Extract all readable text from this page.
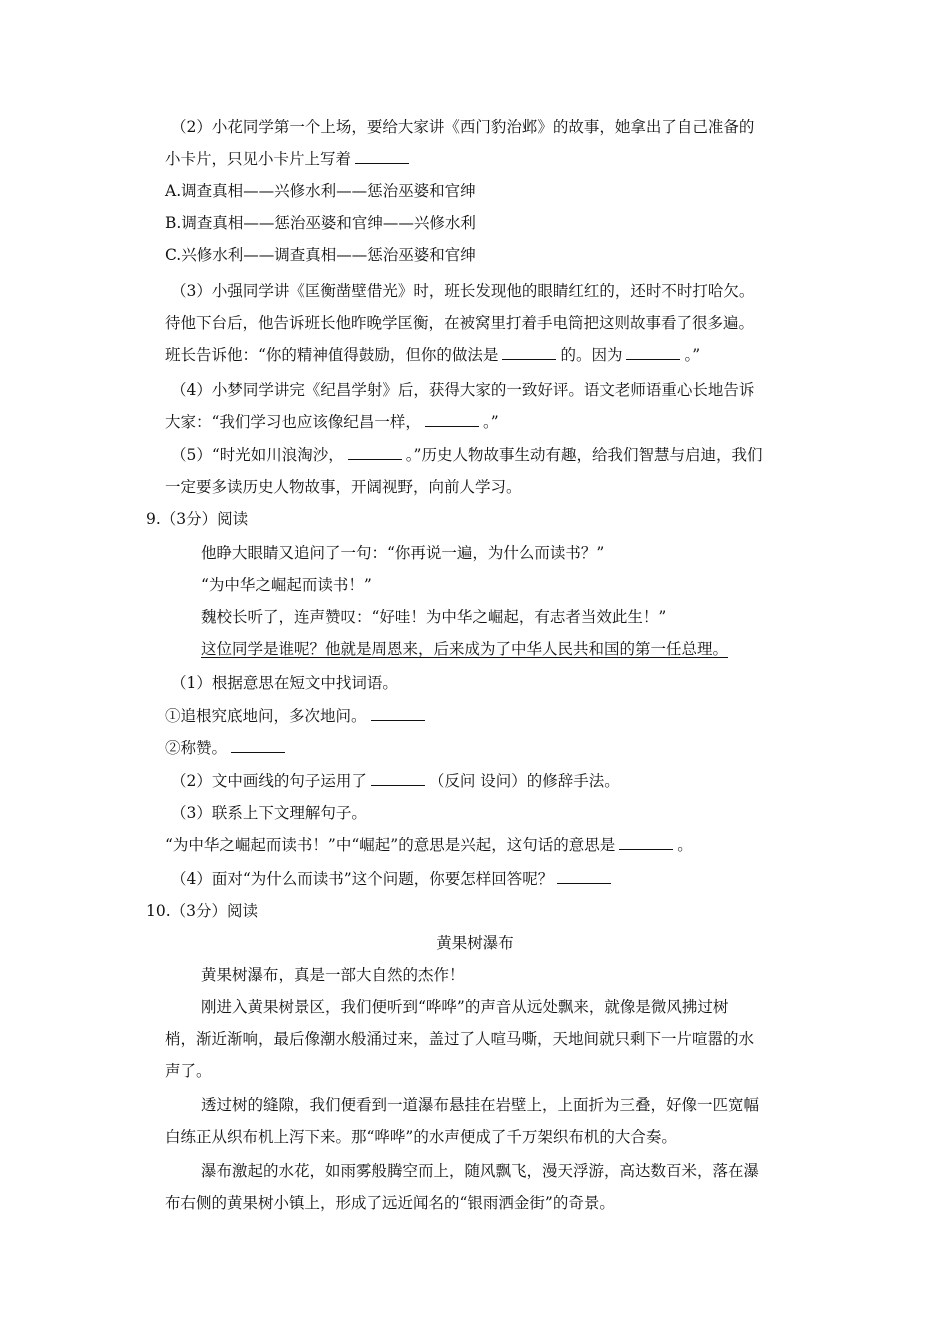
（2）小花同学第一个上场，要给大家讲《西门豹治邺》的故事，她拿出了自己准备的
小卡片，只见小卡片上写着
A.调查真相——兴修水利——惩治巫婆和官绅
B.调查真相——惩治巫婆和官绅——兴修水利
C.兴修水利——调查真相——惩治巫婆和官绅
（3）小强同学讲《匡衡凿壁借光》时，班长发现他的眼睛红红的，还时不时打哈欠。
待他下台后，他告诉班长他昨晚学匡衡，在被窝里打着手电筒把这则故事看了很多遍。
班长告诉他：“你的精神值得鼓励，但你的做法是	的。因为	。”
（4）小梦同学讲完《纪昌学射》后，获得大家的一致好评。语文老师语重心长地告诉
大家：“我们学习也应该像纪昌一样，	。”
（5）“时光如川浪淘沙，	。”历史人物故事生动有趣，给我们智慧与启迪，我们
一定要多读历史人物故事，开阔视野，向前人学习。
9.（3分）阅读
他睁大眼睛又追问了一句：“你再说一遍，为什么而读书？”
“为中华之崛起而读书！”
魏校长听了，连声赞叹：“好哇！为中华之崛起，有志者当效此生！”
这位同学是谁呢？他就是周恩来，后来成为了中华人民共和国的第一任总理。
（1）根据意思在短文中找词语。
①追根究底地问，多次地问。
②称赞。
（2）文中画线的句子运用了	（反问 设问）的修辞手法。
（3）联系上下文理解句子。
“为中华之崛起而读书！”中“崛起”的意思是兴起，这句话的意思是	。
（4）面对“为什么而读书”这个问题，你要怎样回答呢？
10.（3分）阅读
黄果树瀑布
黄果树瀑布，真是一部大自然的杰作！
刚进入黄果树景区，我们便听到“哗哗”的声音从远处飘来，就像是微风拂过树
梢，渐近渐响，最后像潮水般涌过来，盖过了人喧马嘶，天地间就只剩下一片喧嚣的水
声了。
透过树的缝隙，我们便看到一道瀑布悬挂在岩壁上，上面折为三叠，好像一匹宽幅
白练正从织布机上泻下来。那“哗哗”的水声便成了千万架织布机的大合奏。
瀑布激起的水花，如雨雾般腾空而上，随风飘飞，漫天浮游，高达数百米，落在瀑
布右侧的黄果树小镇上，形成了远近闻名的“银雨洒金街”的奇景。
